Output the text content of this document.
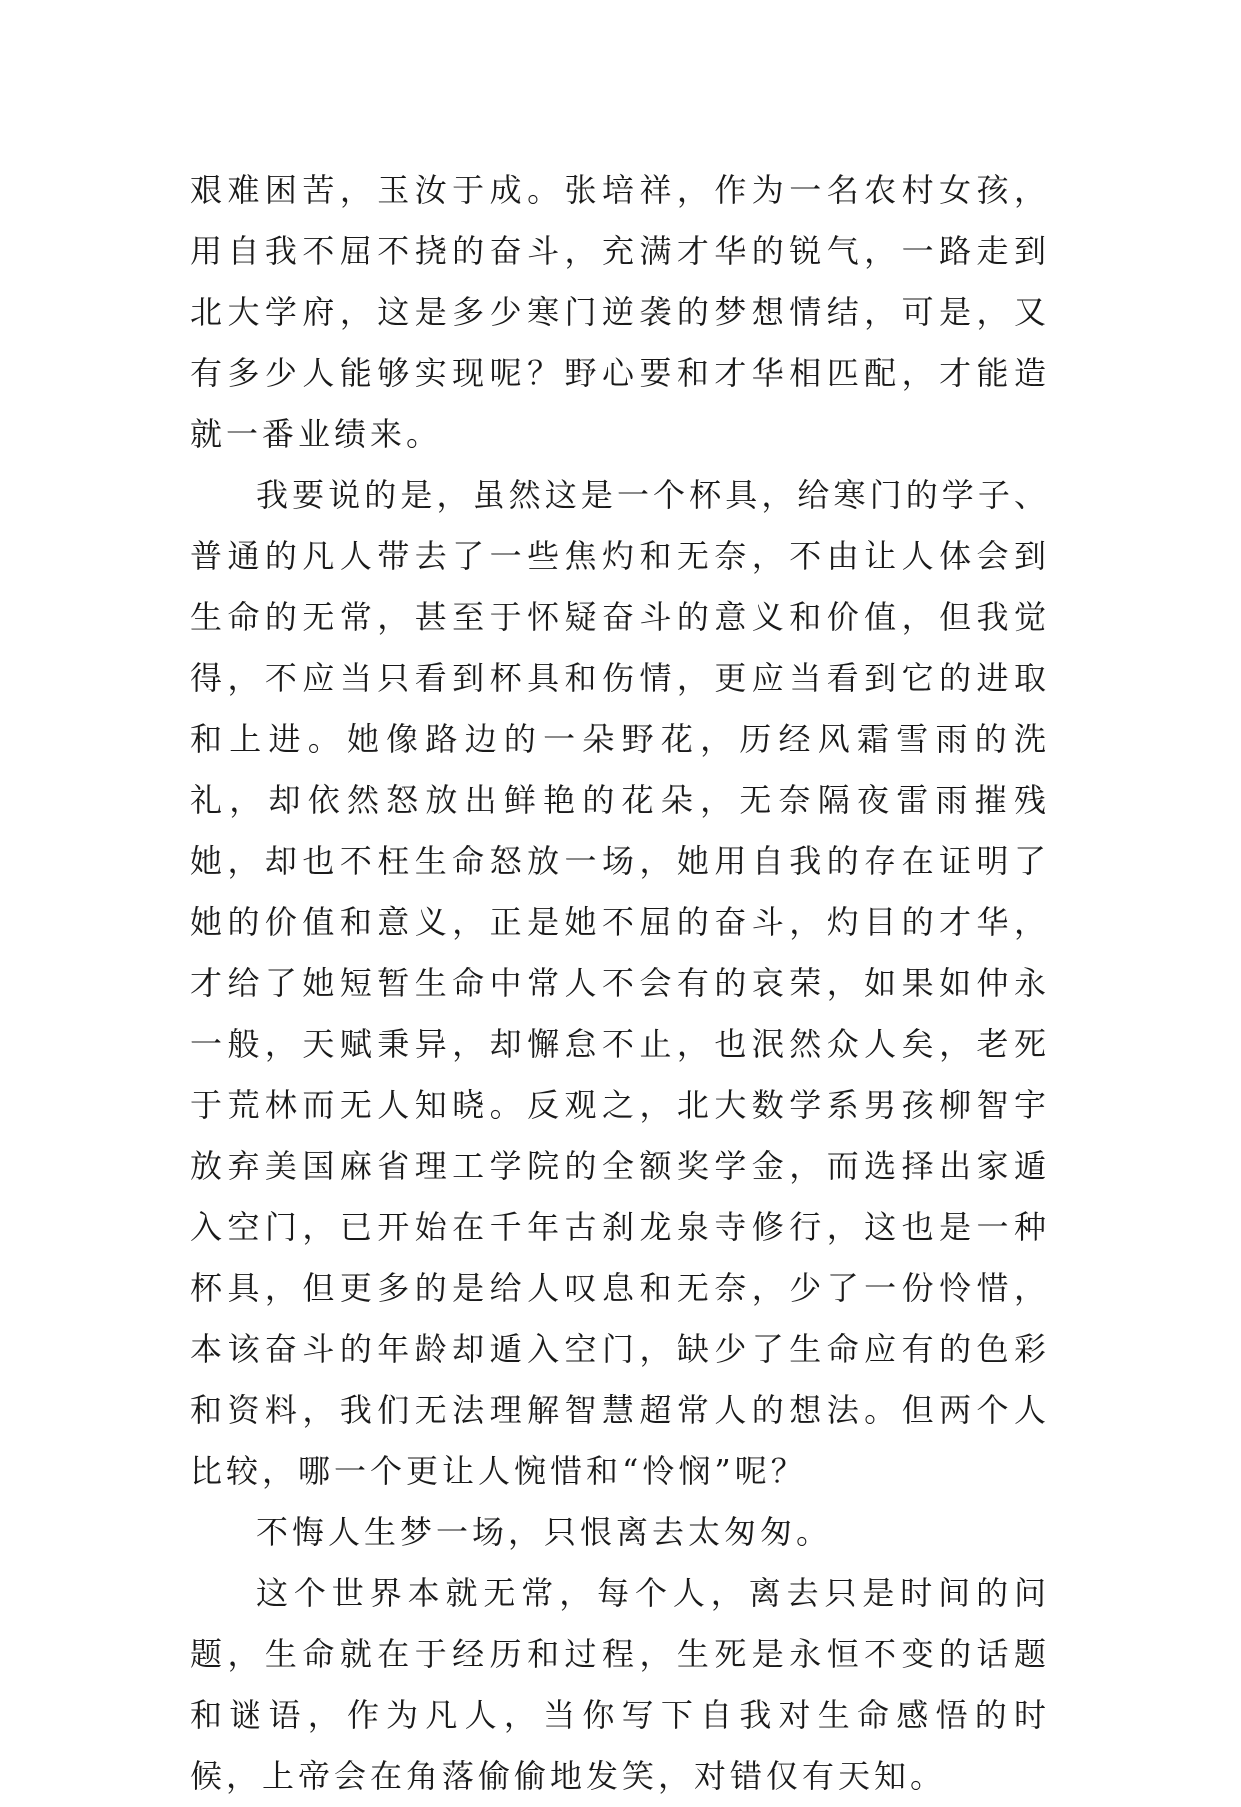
艰难困苦，玉汝于成。张培祥，作为一名农村女孩，用自我不屈不挠的奋斗，充满才华的锐气，一路走到北大学府，这是多少寒门逆袭的梦想情结，可是，又有多少人能够实现呢？野心要和才华相匹配，才能造就一番业绩来。

我要说的是，虽然这是一个杯具，给寒门的学子、普通的凡人带去了一些焦灼和无奈，不由让人体会到生命的无常，甚至于怀疑奋斗的意义和价值，但我觉得，不应当只看到杯具和伤情，更应当看到它的进取和上进。她像路边的一朵野花，历经风霜雪雨的洗礼，却依然怒放出鲜艳的花朵，无奈隔夜雷雨摧残她，却也不枉生命怒放一场，她用自我的存在证明了她的价值和意义，正是她不屈的奋斗，灼目的才华，才给了她短暂生命中常人不会有的哀荣，如果如仲永一般，天赋秉异，却懈怠不止，也泯然众人矣，老死于荒林而无人知晓。反观之，北大数学系男孩柳智宇放弃美国麻省理工学院的全额奖学金，而选择出家遁入空门，已开始在千年古刹龙泉寺修行，这也是一种杯具，但更多的是给人叹息和无奈，少了一份怜惜，本该奋斗的年龄却遁入空门，缺少了生命应有的色彩和资料，我们无法理解智慧超常人的想法。但两个人比较，哪一个更让人惋惜和“怜悯”呢？

不悔人生梦一场，只恨离去太匆匆。

这个世界本就无常，每个人，离去只是时间的问题，生命就在于经历和过程，生死是永恒不变的话题和谜语，作为凡人，当你写下自我对生命感悟的时候，上帝会在角落偷偷地发笑，对错仅有天知。
